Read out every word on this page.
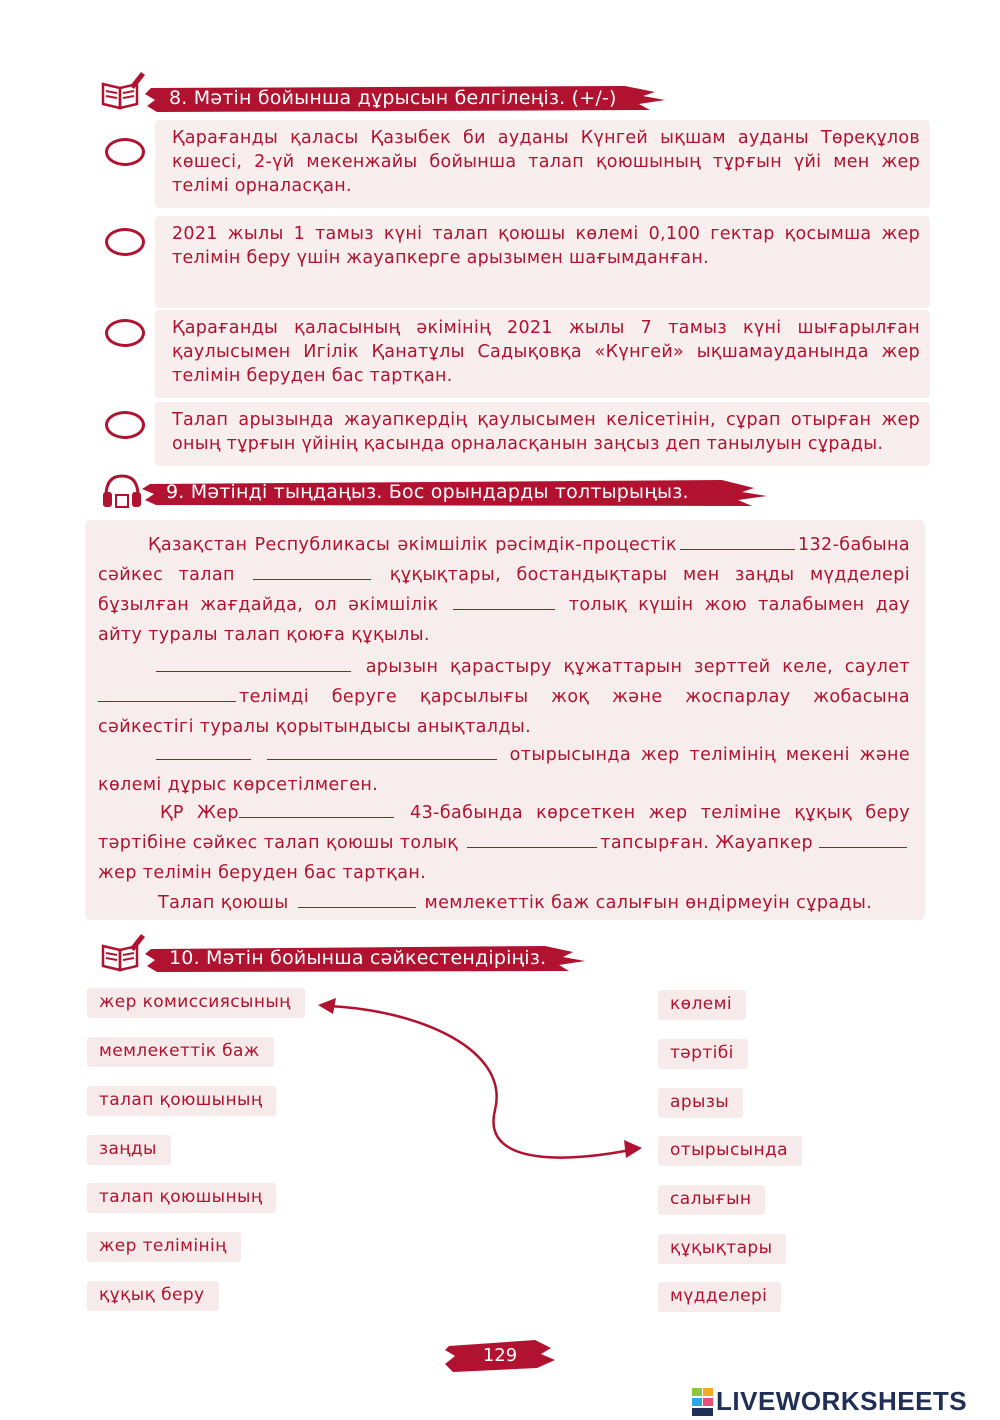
8. Мәтін бойынша дұрысын белгілеңіз. (+/-)
Қарағанды қаласы Қазыбек би ауданы Күнгей ықшам ауданы Төреқұлов көшесі, 2-үй мекенжайы бойынша талап қоюшының тұрғын үйі мен жер телімі орналасқан.
2021 жылы 1 тамыз күні талап қоюшы көлемі 0,100 гектар қосымша жер телімін беру үшін жауапкерге арызымен шағымданған.
Қарағанды қаласының әкімінің 2021 жылы 7 тамыз күні шығарылған қаулысымен Игілік Қанатұлы Садықовқа «Күнгей» ықшамауданында жер телімін беруден бас тартқан.
Талап арызында жауапкердің қаулысымен келісетінін, сұрап отырған жер оның тұрғын үйінің қасында орналасқанын заңсыз деп танылуын сұрады.
9. Мәтінді тыңдаңыз. Бос орындарды толтырыңыз.
Қазақстан Республикасы әкімшілік рәсімдік-процестік	132-бабына сәйкес талап	құқықтары, бостандықтары мен заңды мүдделері бұзылған жағдайда, ол әкімшілік	толық күшін жою талабымен дау айту туралы талап қоюға құқылы.
арызын қарастыру құжаттарын зерттей келе, саулет телімді беруге қарсылығы жоқ және жоспарлау жобасына сәйкестігі туралы қорытындысы анықталды.
отырысында жер телімінің мекені және көлемі дұрыс көрсетілмеген.
ҚР Жер	43-бабында көрсеткен жер теліміне құқық беру тәртібіне сәйкес талап қоюшы толық	тапсырған. Жауапкер жер телімін беруден бас тартқан.
Талап қоюшы	мемлекеттік баж салығын өндірмеуін сұрады.
10. Мәтін бойынша сәйкестендіріңіз.
жер комиссиясының
мемлекеттік баж
талап қоюшының
заңды
талап қоюшының
жер телімінің
құқық беру
көлемі
тәртібі
арызы
отырысында
салығын
құқықтары
мүдделері
129
LIVEWORKSHEETS
